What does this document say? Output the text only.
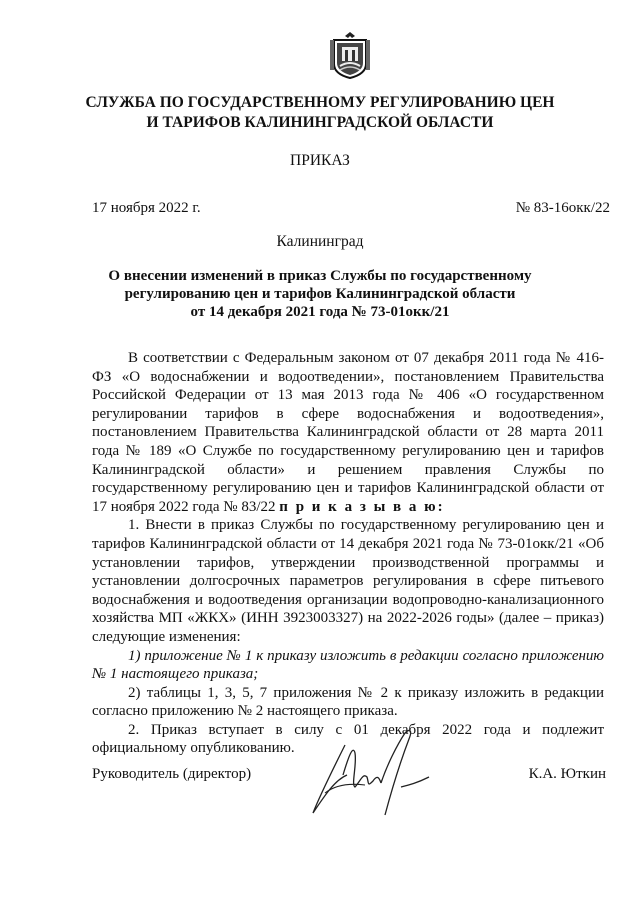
СЛУЖБА ПО ГОСУДАРСТВЕННОМУ РЕГУЛИРОВАНИЮ ЦЕН
И ТАРИФОВ КАЛИНИНГРАДСКОЙ ОБЛАСТИ
ПРИКАЗ
17 ноября 2022 г.	№ 83-16окк/22
Калининград
О внесении изменений в приказ Службы по государственному
регулированию цен и тарифов Калининградской области
от 14 декабря 2021 года № 73-01окк/21

В соответствии с Федеральным законом от 07 декабря 2011 года № 416-ФЗ «О водоснабжении и водоотведении», постановлением Правительства Российской Федерации от 13 мая 2013 года № 406 «О государственном регулировании тарифов в сфере водоснабжения и водоотведения», постановлением Правительства Калининградской области от 28 марта 2011 года № 189 «О Службе по государственному регулированию цен и тарифов Калининградской области» и решением правления Службы по государственному регулированию цен и тарифов Калининградской области от 17 ноября 2022 года № 83/22 п р и к а з ы в а ю:

1. Внести в приказ Службы по государственному регулированию цен и тарифов Калининградской области от 14 декабря 2021 года № 73-01окк/21 «Об установлении тарифов, утверждении производственной программы и установлении долгосрочных параметров регулирования в сфере питьевого водоснабжения и водоотведения организации водопроводно-канализационного хозяйства МП «ЖКХ» (ИНН 3923003327) на 2022-2026 годы» (далее – приказ) следующие изменения:

1) приложение № 1 к приказу изложить в редакции согласно приложению № 1 настоящего приказа;

2) таблицы 1, 3, 5, 7 приложения № 2 к приказу изложить в редакции согласно приложению № 2 настоящего приказа.

2. Приказ вступает в силу с 01 декабря 2022 года и подлежит официальному опубликованию.

Руководитель (директор)	К.А. Юткин
